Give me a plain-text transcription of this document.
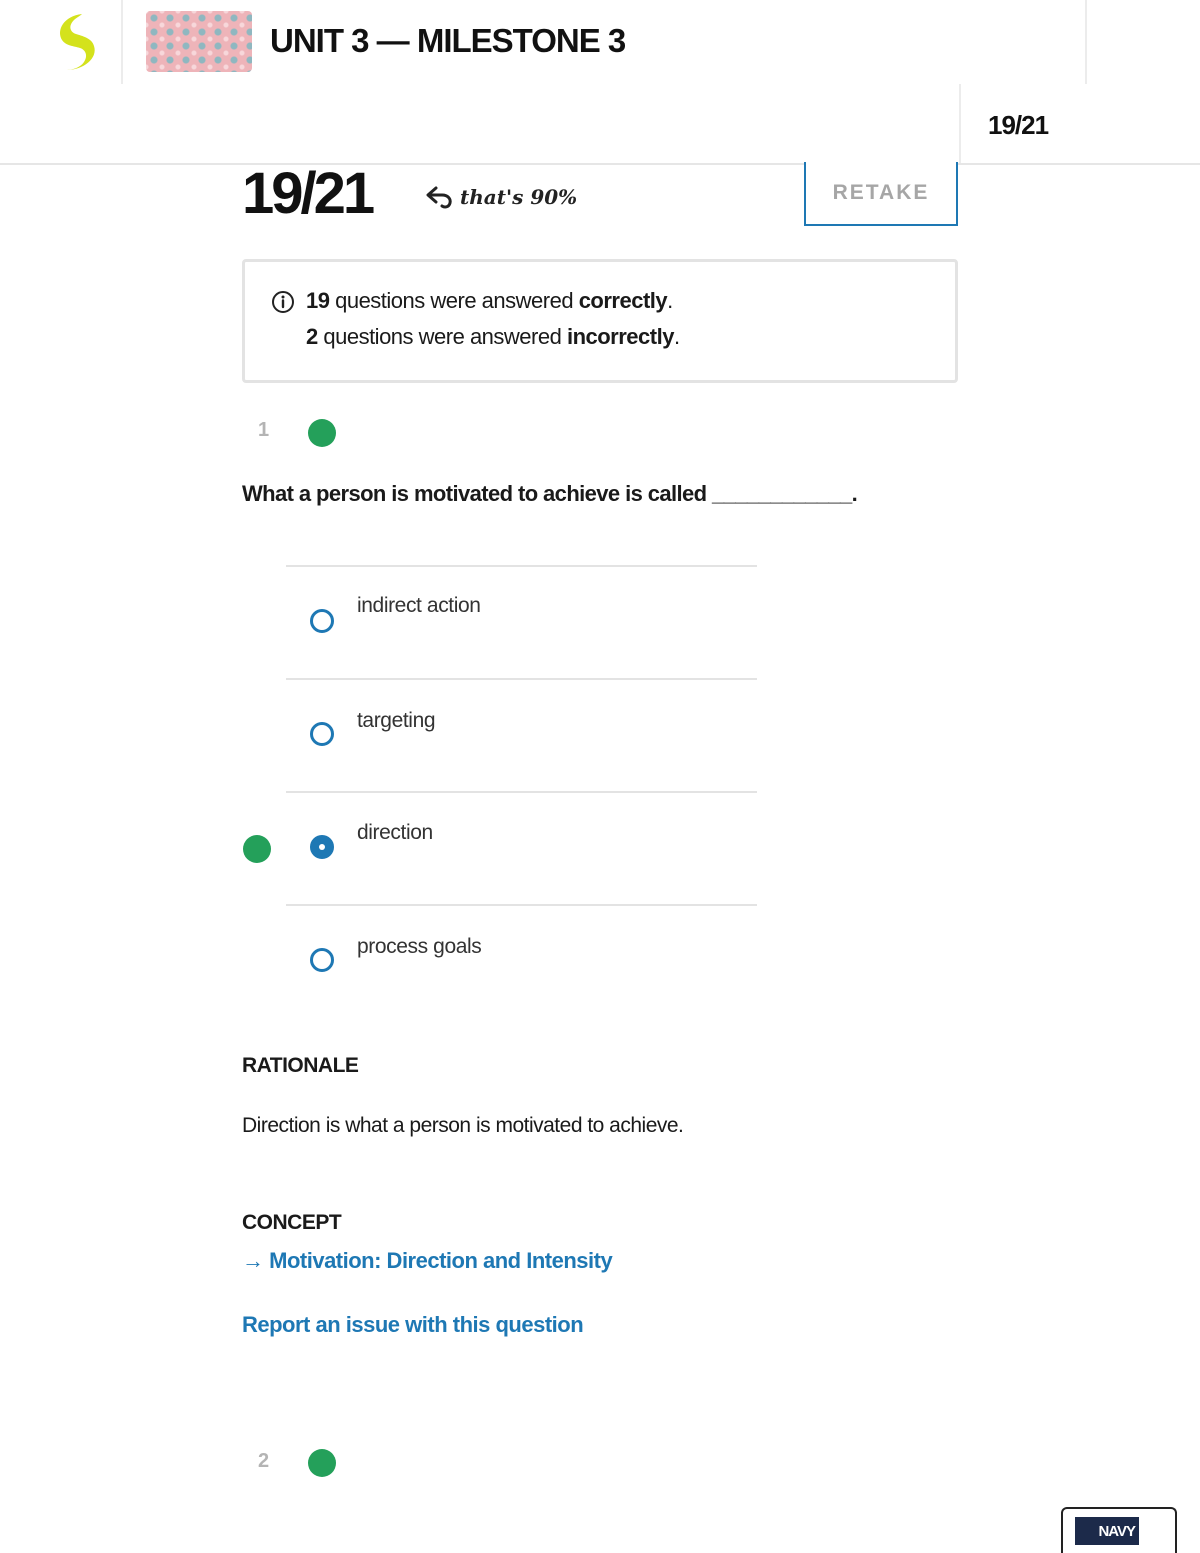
UNIT 3 — MILESTONE 3
19/21
19/21	that's 90%	RETAKE
19 questions were answered correctly.
2 questions were answered incorrectly.
1
What a person is motivated to achieve is called ____________.
indirect action
targeting
direction
process goals
RATIONALE
Direction is what a person is motivated to achieve.
CONCEPT
→ Motivation: Direction and Intensity
Report an issue with this question
2
NAVY
